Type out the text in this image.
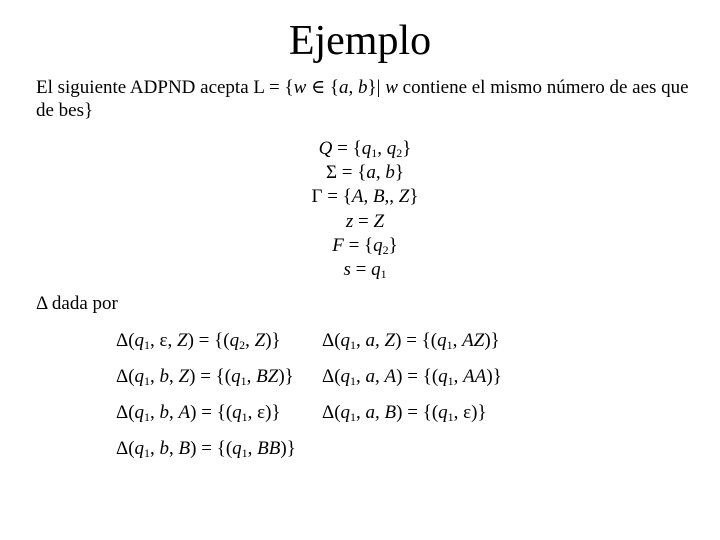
Ejemplo
El siguiente ADPND acepta L = {w ∈ {a, b}| w contiene el mismo número de aes que de bes}
$Q = \{q_1$, $q_2$}
Σ = {a, b}
Γ = {A, B,, Z}
z = Z
$F = \{q_2\}$
$s = q_1$
Δ dada por
$\Delta(q_1$, ε, $Z) = \{(q_2$, Z)} $\Delta(q_1$, a, $Z) = \{(q_1$, AZ)}
$\Delta(q_1$, b, $Z) = \{(q_1$, BZ)} $\Delta(q_1$, a, $A) = \{(q_1$, AA)}
$\Delta(q_1$, b, $A) = \{(q_1$, ε)} $\Delta(q_1$, a, $B) = \{(q_1$, ε)}
$\Delta(q_1$, b, $B) = \{(q_1$, BB)}
